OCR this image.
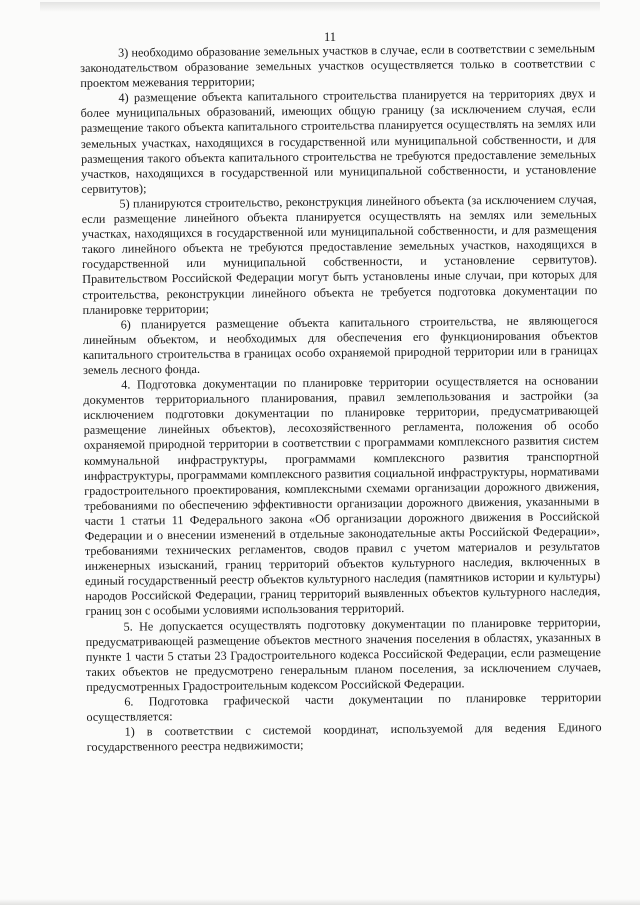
11

3) необходимо образование земельных участков в случае, если в соответствии с земельным законодательством образование земельных участков осуществляется только в соответствии с проектом межевания территории;

4) размещение объекта капитального строительства планируется на территориях двух и более муниципальных образований, имеющих общую границу (за исключением случая, если размещение такого объекта капитального строительства планируется осуществлять на землях или земельных участках, находящихся в государственной или муниципальной собственности, и для размещения такого объекта капитального строительства не требуются предоставление земельных участков, находящихся в государственной или муниципальной собственности, и установление сервитутов);

5) планируются строительство, реконструкция линейного объекта (за исключением случая, если размещение линейного объекта планируется осуществлять на землях или земельных участках, находящихся в государственной или муниципальной собственности, и для размещения такого линейного объекта не требуются предоставление земельных участков, находящихся в государственной или муниципальной собственности, и установление сервитутов). Правительством Российской Федерации могут быть установлены иные случаи, при которых для строительства, реконструкции линейного объекта не требуется подготовка документации по планировке территории;

6) планируется размещение объекта капитального строительства, не являющегося линейным объектом, и необходимых для обеспечения его функционирования объектов капитального строительства в границах особо охраняемой природной территории или в границах земель лесного фонда.

4. Подготовка документации по планировке территории осуществляется на основании документов территориального планирования, правил землепользования и застройки (за исключением подготовки документации по планировке территории, предусматривающей размещение линейных объектов), лесохозяйственного регламента, положения об особо охраняемой природной территории в соответствии с программами комплексного развития систем коммунальной инфраструктуры, программами комплексного развития транспортной инфраструктуры, программами комплексного развития социальной инфраструктуры, нормативами градостроительного проектирования, комплексными схемами организации дорожного движения, требованиями по обеспечению эффективности организации дорожного движения, указанными в части 1 статьи 11 Федерального закона «Об организации дорожного движения в Российской Федерации и о внесении изменений в отдельные законодательные акты Российской Федерации», требованиями технических регламентов, сводов правил с учетом материалов и результатов инженерных изысканий, границ территорий объектов культурного наследия, включенных в единый государственный реестр объектов культурного наследия (памятников истории и культуры) народов Российской Федерации, границ территорий выявленных объектов культурного наследия, границ зон с особыми условиями использования территорий.

5. Не допускается осуществлять подготовку документации по планировке территории, предусматривающей размещение объектов местного значения поселения в областях, указанных в пункте 1 части 5 статьи 23 Градостроительного кодекса Российской Федерации, если размещение таких объектов не предусмотрено генеральным планом поселения, за исключением случаев, предусмотренных Градостроительным кодексом Российской Федерации.

6. Подготовка графической части документации по планировке территории осуществляется:

1) в соответствии с системой координат, используемой для ведения Единого государственного реестра недвижимости;
